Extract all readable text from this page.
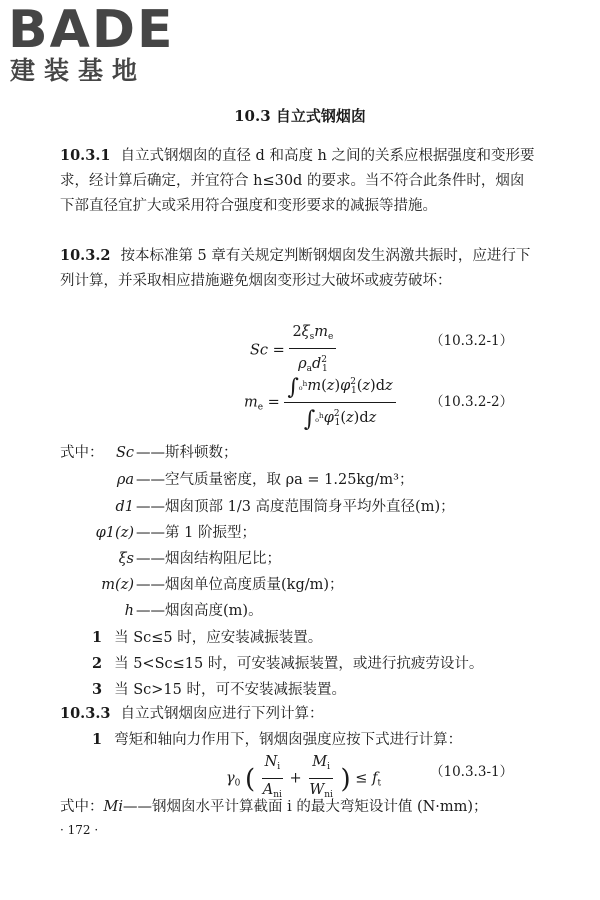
BADE
建装基地
10.3 自立式钢烟囱

10.3.1 自立式钢烟囱的直径 d 和高度 h 之间的关系应根据强度和变形要求，经计算后确定，并宜符合 h≤30d 的要求。当不符合此条件时，烟囱下部直径宜扩大或采用符合强度和变形要求的减振等措施。

10.3.2 按本标准第 5 章有关规定判断钢烟囱发生涡激共振时，应进行下列计算，并采取相应措施避免烟囱变形过大破坏或疲劳破坏：

$Sc = \frac{2\xi_sm_e}{\rho_ad^2_1}$	（10.3.2-1）
$m_e = \frac{\int_0^hm(z)\varphi^2_1(z)dz}{\int_0^h\varphi^2_1(z)dz}$	（10.3.2-2）
式中： Sc ——斯科顿数；
ρa ——空气质量密度，取 ρa = 1.25kg/m³；
d1 ——烟囱顶部 1/3 高度范围筒身平均外直径(m)；
φ1(z) ——第 1 阶振型；
ξs ——烟囱结构阻尼比；
m(z) ——烟囱单位高度质量(kg/m)；
h ——烟囱高度(m)。
1 当 Sc≤5 时，应安装减振装置。
2 当 5<Sc≤15 时，可安装减振装置，或进行抗疲劳设计。
3 当 Sc>15 时，可不安装减振装置。
10.3.3 自立式钢烟囱应进行下列计算：
1 弯矩和轴向力作用下，钢烟囱强度应按下式进行计算：
$\gamma_0$ ( $\frac{N_i}{A_{ni}} + \frac{M_i}{W_{ni}}$ ) ≤ $f_t$
（10.3.3-1）
式中：Mi——钢烟囱水平计算截面 i 的最大弯矩设计值 (N·mm)；
· 172 ·
